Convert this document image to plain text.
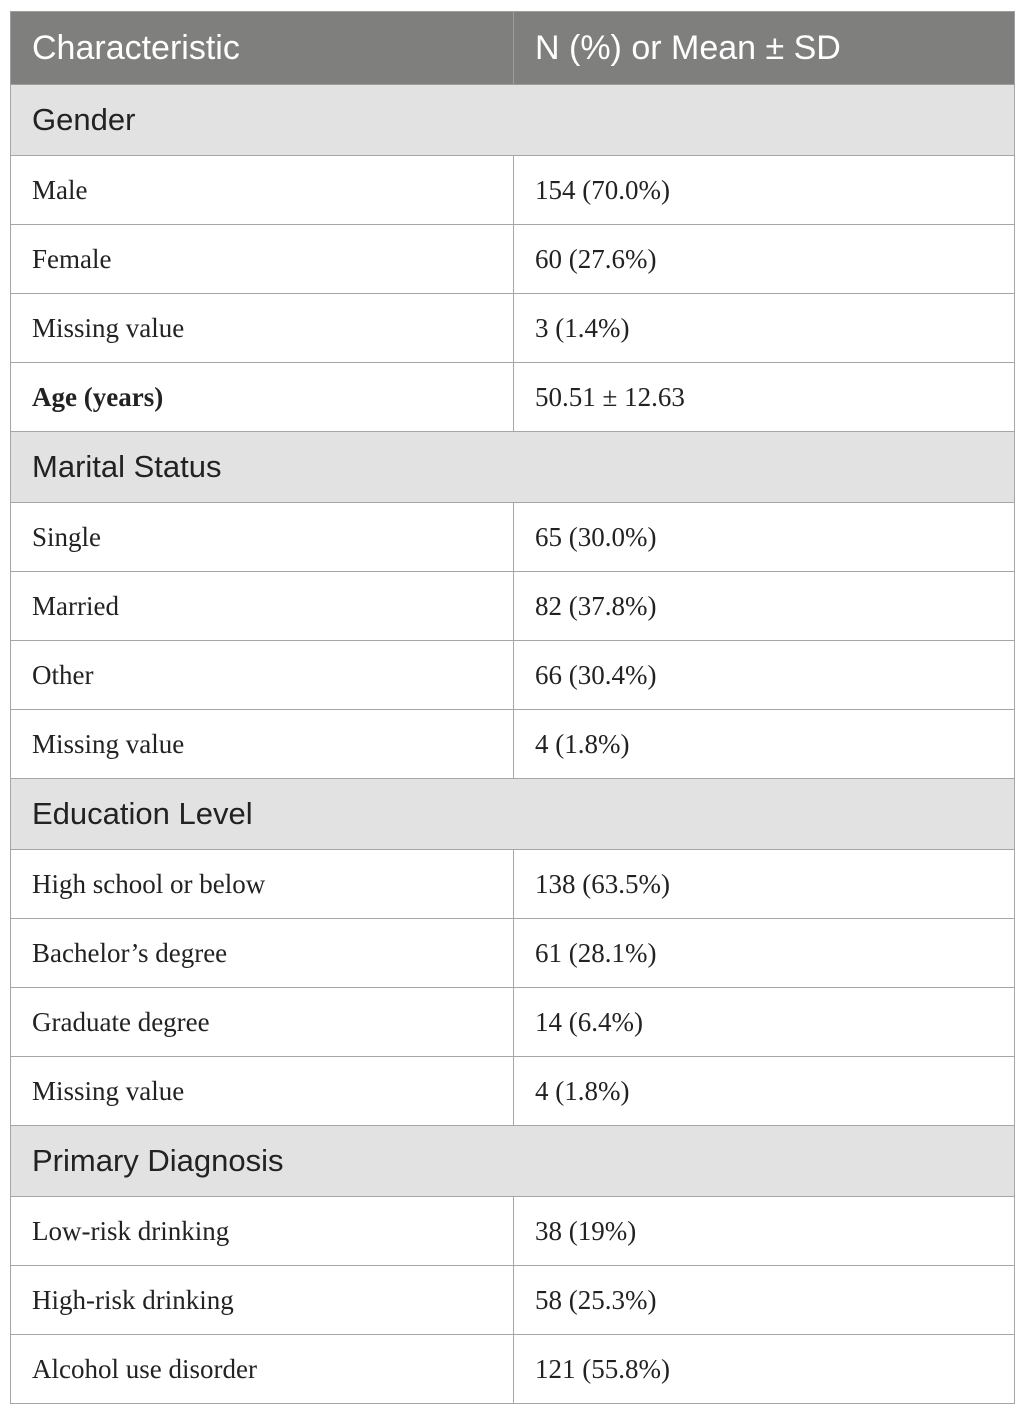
Characteristic	N (%) or Mean ± SD
Gender	
Male	154 (70.0%)
Female	60 (27.6%)
Missing value	3 (1.4%)
Age (years)	50.51 ± 12.63
Marital Status	
Single	65 (30.0%)
Married	82 (37.8%)
Other	66 (30.4%)
Missing value	4 (1.8%)
Education Level	
High school or below	138 (63.5%)
Bachelor’s degree	61 (28.1%)
Graduate degree	14 (6.4%)
Missing value	4 (1.8%)
Primary Diagnosis	
Low-risk drinking	38 (19%)
High-risk drinking	58 (25.3%)
Alcohol use disorder	121 (55.8%)
